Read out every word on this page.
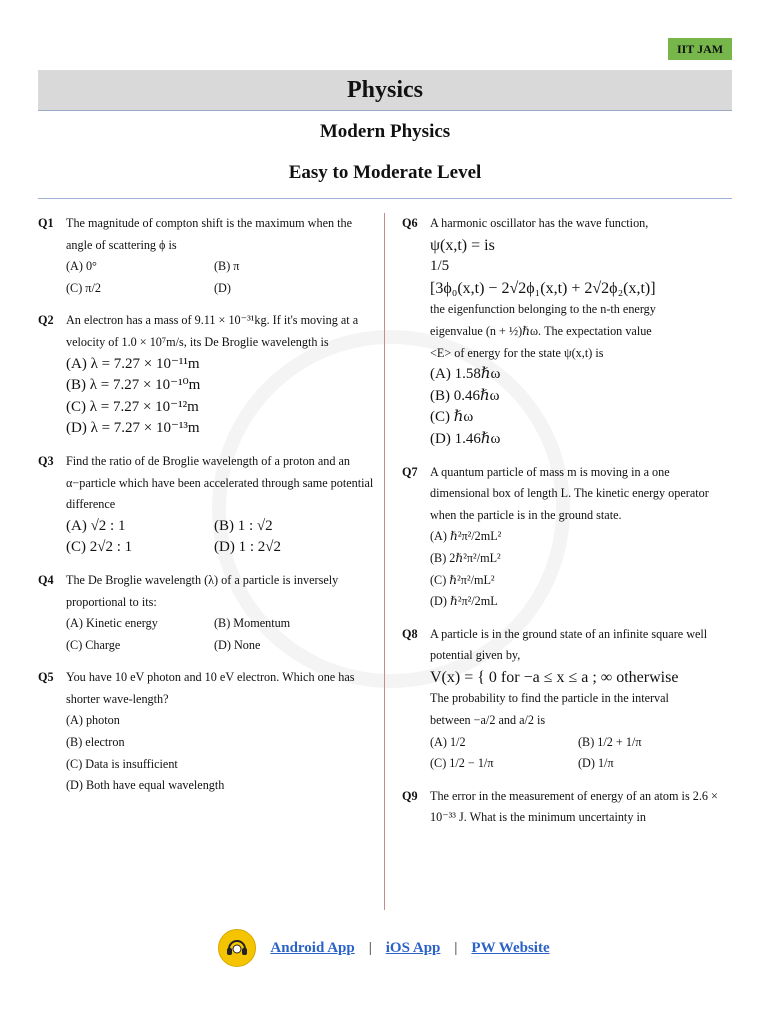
IIT JAM
Physics
Modern Physics
Easy to Moderate Level
Q1 The magnitude of compton shift is the maximum when the angle of scattering ϕ is
(A) 0°	(B) π
(C) π/2	(D)
Q2 An electron has a mass of 9.11 × 10⁻³¹kg. If it's moving at a velocity of 1.0 × 10⁷m/s, its De Broglie wavelength is
(A) λ = 7.27 × 10⁻¹¹m
(B) λ = 7.27 × 10⁻¹⁰m
(C) λ = 7.27 × 10⁻¹²m
(D) λ = 7.27 × 10⁻¹³m
Q3 Find the ratio of de Broglie wavelength of a proton and an α−particle which have been accelerated through same potential difference
(A) √2 : 1	(B) 1 : √2
(C) 2√2 : 1	(D) 1 : 2√2
Q4 The De Broglie wavelength (λ) of a particle is inversely proportional to its:
(A) Kinetic energy	(B) Momentum
(C) Charge	(D) None
Q5 You have 10 eV photon and 10 eV electron. Which one has shorter wave-length?
(A) photon
(B) electron
(C) Data is insufficient
(D) Both have equal wavelength
Q6 A harmonic oscillator has the wave function,
ψ(x,t) = is
1/5
[3ϕ₀(x,t) − 2√2ϕ₁(x,t) + 2√2ϕ₂(x,t)]
the eigenfunction belonging to the n-th energy
eigenvalue (n + ½)ℏω. The expectation value
<E> of energy for the state ψ(x,t) is
(A) 1.58ℏω
(B) 0.46ℏω
(C) ℏω
(D) 1.46ℏω
Q7 A quantum particle of mass m is moving in a one dimensional box of length L. The kinetic energy operator when the particle is in the ground state.
(A) ℏ²π²/2mL²
(B) 2ℏ²π²/mL²
(C) ℏ²π²/mL²
(D) ℏ²π²/2mL
Q8 A particle is in the ground state of an infinite square well potential given by,
V(x) = { 0 for −a ≤ x ≤ a ; ∞ otherwise
The probability to find the particle in the interval
between −a/2 and a/2 is
(A) 1/2	(B) 1/2 + 1/π
(C) 1/2 − 1/π	(D) 1/π
Q9 The error in the measurement of energy of an atom is 2.6 × 10⁻³³ J. What is the minimum uncertainty in
Android App | iOS App | PW Website
